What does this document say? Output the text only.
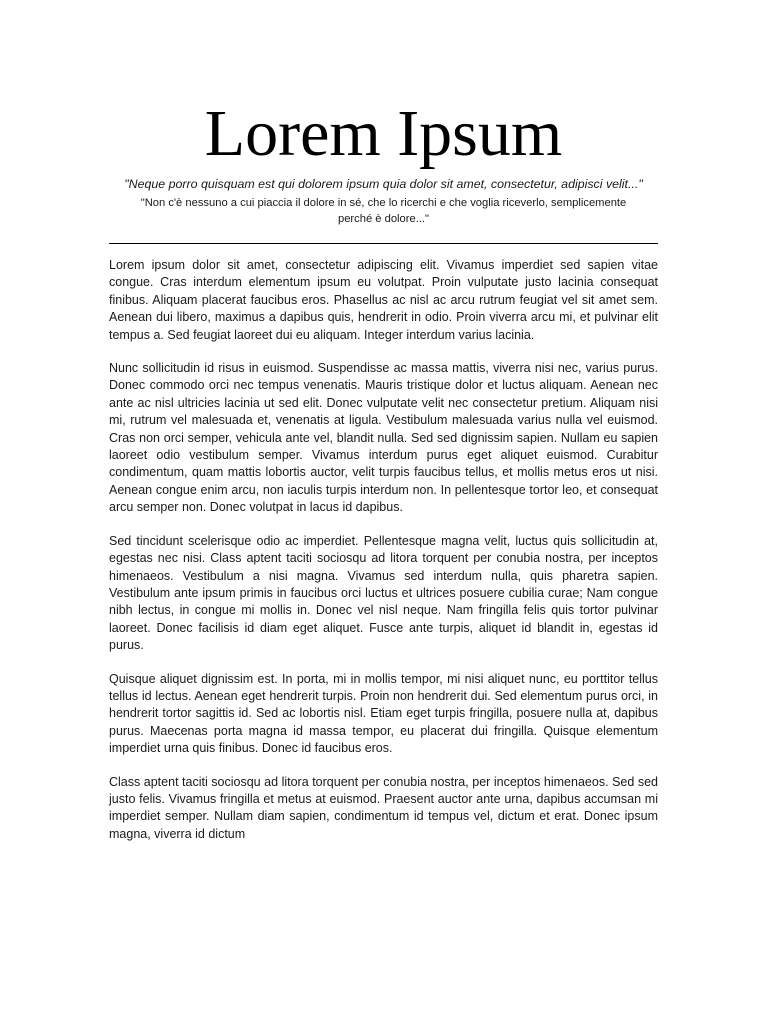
Lorem Ipsum

"Neque porro quisquam est qui dolorem ipsum quia dolor sit amet, consectetur, adipisci velit..."

"Non c'è nessuno a cui piaccia il dolore in sé, che lo ricerchi e che voglia riceverlo, semplicemente perché è dolore..."

Lorem ipsum dolor sit amet, consectetur adipiscing elit. Vivamus imperdiet sed sapien vitae congue. Cras interdum elementum ipsum eu volutpat. Proin vulputate justo lacinia consequat finibus. Aliquam placerat faucibus eros. Phasellus ac nisl ac arcu rutrum feugiat vel sit amet sem. Aenean dui libero, maximus a dapibus quis, hendrerit in odio. Proin viverra arcu mi, et pulvinar elit tempus a. Sed feugiat laoreet dui eu aliquam. Integer interdum varius lacinia.

Nunc sollicitudin id risus in euismod. Suspendisse ac massa mattis, viverra nisi nec, varius purus. Donec commodo orci nec tempus venenatis. Mauris tristique dolor et luctus aliquam. Aenean nec ante ac nisl ultricies lacinia ut sed elit. Donec vulputate velit nec consectetur pretium. Aliquam nisi mi, rutrum vel malesuada et, venenatis at ligula. Vestibulum malesuada varius nulla vel euismod. Cras non orci semper, vehicula ante vel, blandit nulla. Sed sed dignissim sapien. Nullam eu sapien laoreet odio vestibulum semper. Vivamus interdum purus eget aliquet euismod. Curabitur condimentum, quam mattis lobortis auctor, velit turpis faucibus tellus, et mollis metus eros ut nisi. Aenean congue enim arcu, non iaculis turpis interdum non. In pellentesque tortor leo, et consequat arcu semper non. Donec volutpat in lacus id dapibus.

Sed tincidunt scelerisque odio ac imperdiet. Pellentesque magna velit, luctus quis sollicitudin at, egestas nec nisi. Class aptent taciti sociosqu ad litora torquent per conubia nostra, per inceptos himenaeos. Vestibulum a nisi magna. Vivamus sed interdum nulla, quis pharetra sapien. Vestibulum ante ipsum primis in faucibus orci luctus et ultrices posuere cubilia curae; Nam congue nibh lectus, in congue mi mollis in. Donec vel nisl neque. Nam fringilla felis quis tortor pulvinar laoreet. Donec facilisis id diam eget aliquet. Fusce ante turpis, aliquet id blandit in, egestas id purus.

Quisque aliquet dignissim est. In porta, mi in mollis tempor, mi nisi aliquet nunc, eu porttitor tellus tellus id lectus. Aenean eget hendrerit turpis. Proin non hendrerit dui. Sed elementum purus orci, in hendrerit tortor sagittis id. Sed ac lobortis nisl. Etiam eget turpis fringilla, posuere nulla at, dapibus purus. Maecenas porta magna id massa tempor, eu placerat dui fringilla. Quisque elementum imperdiet urna quis finibus. Donec id faucibus eros.

Class aptent taciti sociosqu ad litora torquent per conubia nostra, per inceptos himenaeos. Sed sed justo felis. Vivamus fringilla et metus at euismod. Praesent auctor ante urna, dapibus accumsan mi imperdiet semper. Nullam diam sapien, condimentum id tempus vel, dictum et erat. Donec ipsum magna, viverra id dictum
